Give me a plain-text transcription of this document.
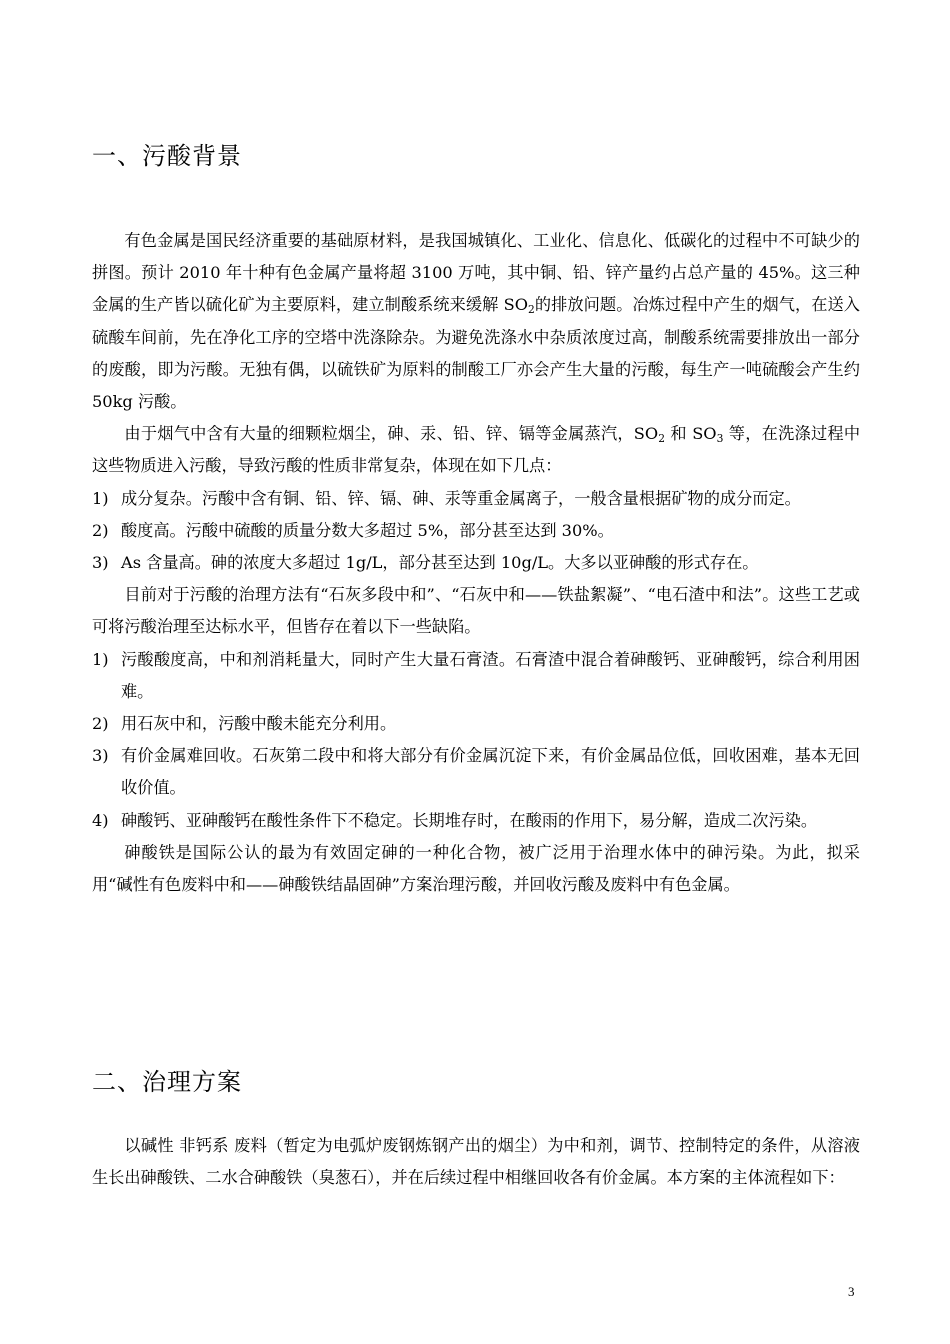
一、污酸背景

有色金属是国民经济重要的基础原材料，是我国城镇化、工业化、信息化、低碳化的过程中不可缺少的拼图。预计 2010 年十种有色金属产量将超 3100 万吨，其中铜、铅、锌产量约占总产量的 45%。这三种金属的生产皆以硫化矿为主要原料，建立制酸系统来缓解 $SO_2$的排放问题。冶炼过程中产生的烟气，在送入硫酸车间前，先在净化工序的空塔中洗涤除杂。为避免洗涤水中杂质浓度过高，制酸系统需要排放出一部分的废酸，即为污酸。无独有偶，以硫铁矿为原料的制酸工厂亦会产生大量的污酸，每生产一吨硫酸会产生约 50kg 污酸。

由于烟气中含有大量的细颗粒烟尘，砷、汞、铅、锌、镉等金属蒸汽，$SO_2$ 和 $SO_3$ 等，在洗涤过程中这些物质进入污酸，导致污酸的性质非常复杂，体现在如下几点：

1) 成分复杂。污酸中含有铜、铅、锌、镉、砷、汞等重金属离子，一般含量根据矿物的成分而定。
2) 酸度高。污酸中硫酸的质量分数大多超过 5%，部分甚至达到 30%。
3) As 含量高。砷的浓度大多超过 1g/L，部分甚至达到 10g/L。大多以亚砷酸的形式存在。

目前对于污酸的治理方法有“石灰多段中和”、“石灰中和——铁盐絮凝”、“电石渣中和法”。这些工艺或可将污酸治理至达标水平，但皆存在着以下一些缺陷。

1) 污酸酸度高，中和剂消耗量大，同时产生大量石膏渣。石膏渣中混合着砷酸钙、亚砷酸钙，综合利用困难。
2) 用石灰中和，污酸中酸未能充分利用。
3) 有价金属难回收。石灰第二段中和将大部分有价金属沉淀下来，有价金属品位低，回收困难，基本无回收价值。
4) 砷酸钙、亚砷酸钙在酸性条件下不稳定。长期堆存时，在酸雨的作用下，易分解，造成二次污染。

砷酸铁是国际公认的最为有效固定砷的一种化合物，被广泛用于治理水体中的砷污染。为此，拟采用“碱性有色废料中和——砷酸铁结晶固砷”方案治理污酸，并回收污酸及废料中有色金属。

二、治理方案

以碱性 非钙系 废料（暂定为电弧炉废钢炼钢产出的烟尘）为中和剂，调节、控制特定的条件，从溶液生长出砷酸铁、二水合砷酸铁（臭葱石），并在后续过程中相继回收各有价金属。本方案的主体流程如下：

3
